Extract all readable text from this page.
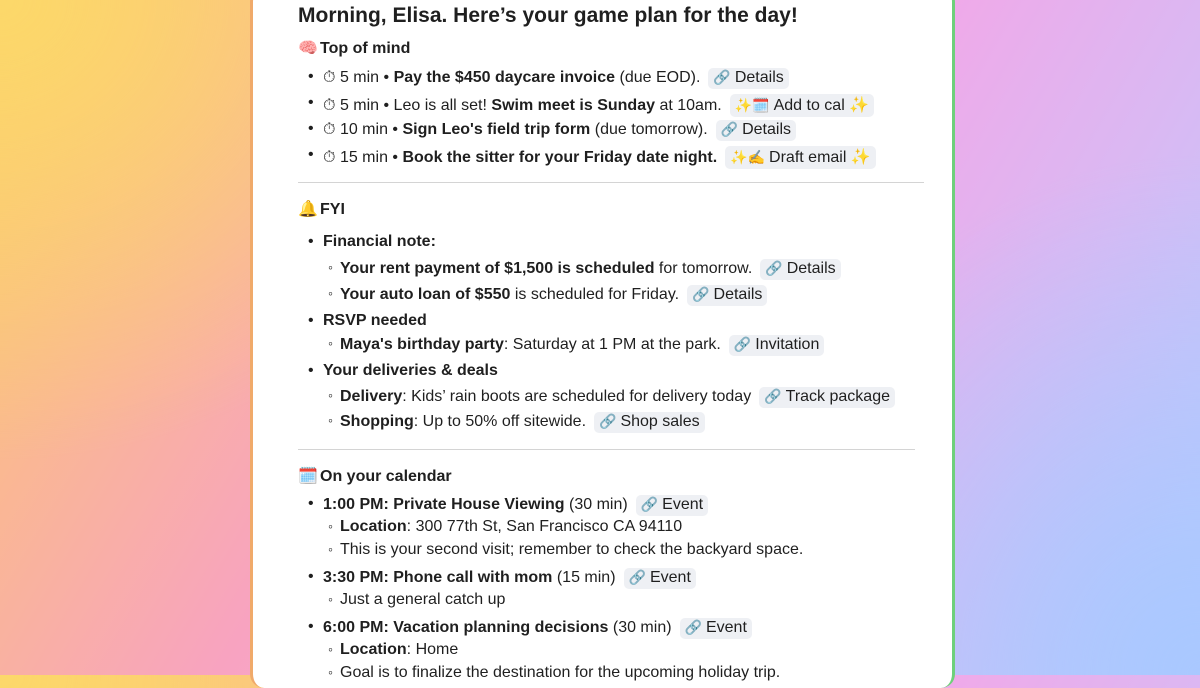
Morning, Elisa. Here’s your game plan for the day!
🧠 Top of mind
• ⏱ 5 min • Pay the $450 daycare invoice (due EOD). 🔗 Details
• ⏱ 5 min • Leo is all set! Swim meet is Sunday at 10am. ✨🗓️ Add to cal ✨
• ⏱ 10 min • Sign Leo's field trip form (due tomorrow). 🔗 Details
• ⏱ 15 min • Book the sitter for your Friday date night. ✨✍️ Draft email ✨
🔔 FYI
• Financial note:
◦ Your rent payment of $1,500 is scheduled for tomorrow. 🔗 Details
◦ Your auto loan of $550 is scheduled for Friday. 🔗 Details
• RSVP needed
◦ Maya's birthday party: Saturday at 1 PM at the park. 🔗 Invitation
• Your deliveries & deals
◦ Delivery: Kids’ rain boots are scheduled for delivery today 🔗 Track package
◦ Shopping: Up to 50% off sitewide. 🔗 Shop sales
🗓️ On your calendar
• 1:00 PM: Private House Viewing (30 min) 🔗 Event
◦ Location: 300 77th St, San Francisco CA 94110
◦ This is your second visit; remember to check the backyard space.
• 3:30 PM: Phone call with mom (15 min) 🔗 Event
◦ Just a general catch up
• 6:00 PM: Vacation planning decisions (30 min) 🔗 Event
◦ Location: Home
◦ Goal is to finalize the destination for the upcoming holiday trip.
